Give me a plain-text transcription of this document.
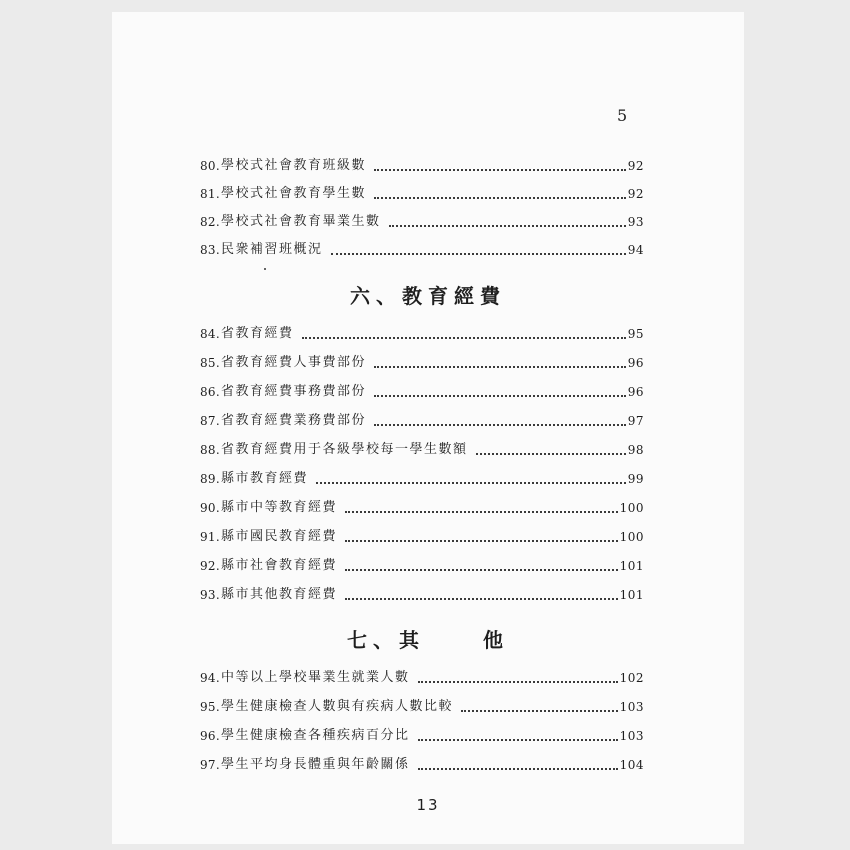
5
80. 學校式社會教育班級數	92
81. 學校式社會教育學生數	92
82. 學校式社會教育畢業生數	93
83. 民衆補習班概況	94
六、教育經費
84. 省教育經費	95
85. 省教育經費人事費部份	96
86. 省教育經費事務費部份	96
87. 省教育經費業務費部份	97
88. 省教育經費用于各級學校每一學生數額	98
89. 縣市教育經費	99
90. 縣市中等教育經費	100
91. 縣市國民教育經費	100
92. 縣市社會教育經費	101
93. 縣市其他教育經費	101
七、其	他
94. 中等以上學校畢業生就業人數	102
95. 學生健康檢查人數與有疾病人數比較	103
96. 學生健康檢查各種疾病百分比	103
97. 學生平均身長體重與年齡關係	104
13
